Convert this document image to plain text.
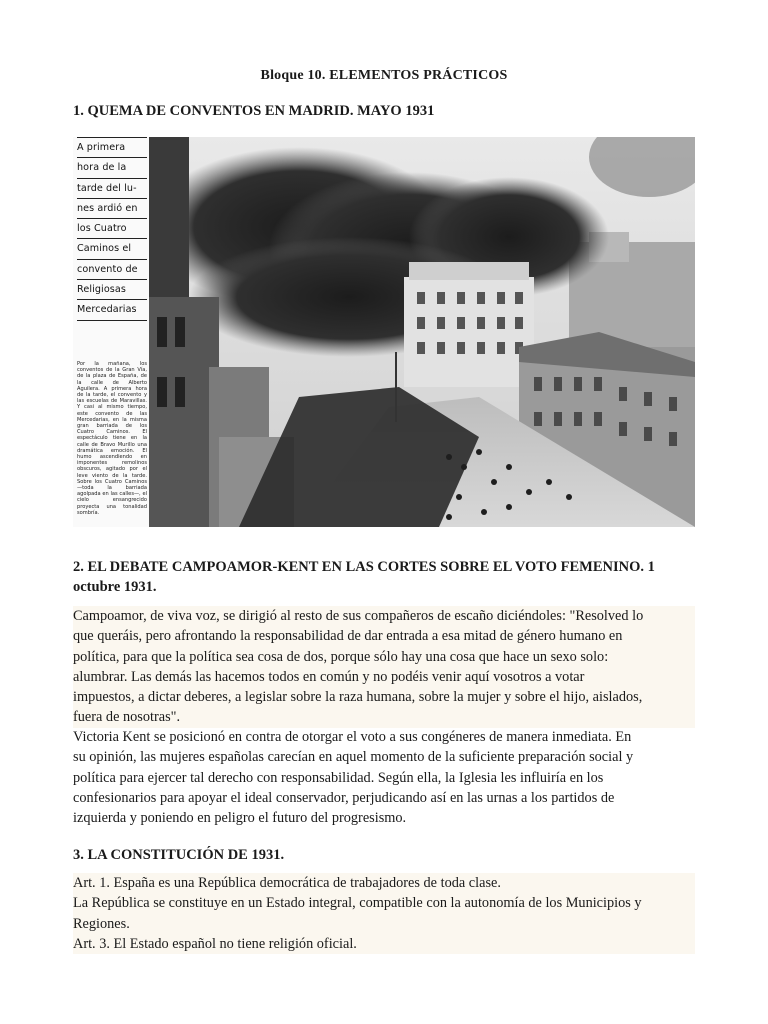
Bloque 10. ELEMENTOS PRÁCTICOS
1. QUEMA DE CONVENTOS EN MADRID. MAYO 1931
A primera
hora de la
tarde del lu-
nes ardió en
los Cuatro
Caminos el
convento de
Religiosas
Mercedarias
Por la mañana, los conventos de la Gran Vía, de la plaza de España, de la calle de Alberto Aguilera. A primera hora de la tarde, el convento y las escuelas de Maravillas. Y casi al mismo tiempo, este convento de las Mercedarias, en la misma gran barriada de los Cuatro Caminos. El espectáculo tiene en la calle de Bravo Murillo una dramática emoción. El humo ascendiendo en imponentes remolinos obscuros, agitado por el leve viento de la tarde. Sobre los Cuatro Caminos —toda la barriada agolpada en las calles—, el cielo ensangrecido proyecta una tonalidad sombría.
2. EL DEBATE CAMPOAMOR-KENT EN LAS CORTES SOBRE EL VOTO FEMENINO. 1 octubre 1931.
Campoamor, de viva voz, se dirigió al resto de sus compañeros de escaño diciéndoles: "Resolved lo
que queráis, pero afrontando la responsabilidad de dar entrada a esa mitad de género humano en
política, para que la política sea cosa de dos, porque sólo hay una cosa que hace un sexo solo:
alumbrar. Las demás las hacemos todos en común y no podéis venir aquí vosotros a votar
impuestos, a dictar deberes, a legislar sobre la raza humana, sobre la mujer y sobre el hijo, aislados,
fuera de nosotras".
Victoria Kent se posicionó en contra de otorgar el voto a sus congéneres de manera inmediata. En
su opinión, las mujeres españolas carecían en aquel momento de la suficiente preparación social y
política para ejercer tal derecho con responsabilidad. Según ella, la Iglesia les influiría en los
confesionarios para apoyar el ideal conservador, perjudicando así en las urnas a los partidos de
izquierda y poniendo en peligro el futuro del progresismo.
3. LA CONSTITUCIÓN DE 1931.
Art. 1. España es una República democrática de trabajadores de toda clase.
La República se constituye en un Estado integral, compatible con la autonomía de los Municipios y
Regiones.
Art. 3. El Estado español no tiene religión oficial.
